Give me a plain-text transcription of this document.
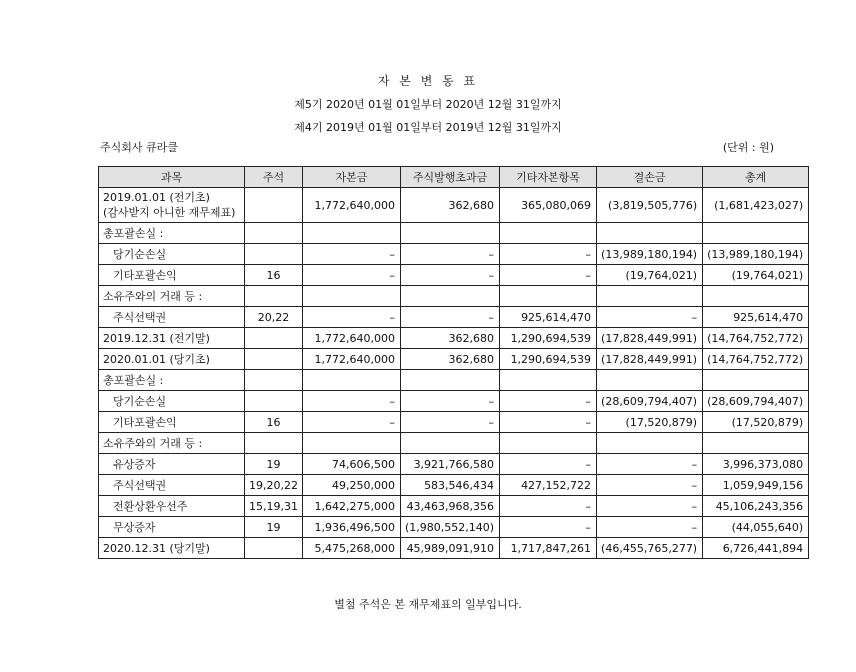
자 본 변 동 표
제5기 2020년 01월 01일부터 2020년 12월 31일까지
제4기 2019년 01월 01일부터 2019년 12월 31일까지
주식회사 큐라클	(단위 : 원)
과목	주석	자본금	주식발행초과금	기타자본항목	결손금	총계

2019.01.01 (전기초)
(감사받지 아니한 재무제표)		1,772,640,000	362,680	365,080,069	(3,819,505,776)	(1,681,423,027)
총포괄손실 :						
당기순손실		–	–	–	(13,989,180,194)	(13,989,180,194)
기타포괄손익	16	–	–	–	(19,764,021)	(19,764,021)
소유주와의 거래 등 :						
주식선택권	20,22	–	–	925,614,470	–	925,614,470
2019.12.31 (전기말)		1,772,640,000	362,680	1,290,694,539	(17,828,449,991)	(14,764,752,772)
2020.01.01 (당기초)		1,772,640,000	362,680	1,290,694,539	(17,828,449,991)	(14,764,752,772)
총포괄손실 :						
당기순손실		–	–	–	(28,609,794,407)	(28,609,794,407)
기타포괄손익	16	–	–	–	(17,520,879)	(17,520,879)
소유주와의 거래 등 :						
유상증자	19	74,606,500	3,921,766,580	–	–	3,996,373,080
주식선택권	19,20,22	49,250,000	583,546,434	427,152,722	–	1,059,949,156
전환상환우선주	15,19,31	1,642,275,000	43,463,968,356	–	–	45,106,243,356
무상증자	19	1,936,496,500	(1,980,552,140)	–	–	(44,055,640)
2020.12.31 (당기말)		5,475,268,000	45,989,091,910	1,717,847,261	(46,455,765,277)	6,726,441,894
별첨 주석은 본 재무제표의 일부입니다.
